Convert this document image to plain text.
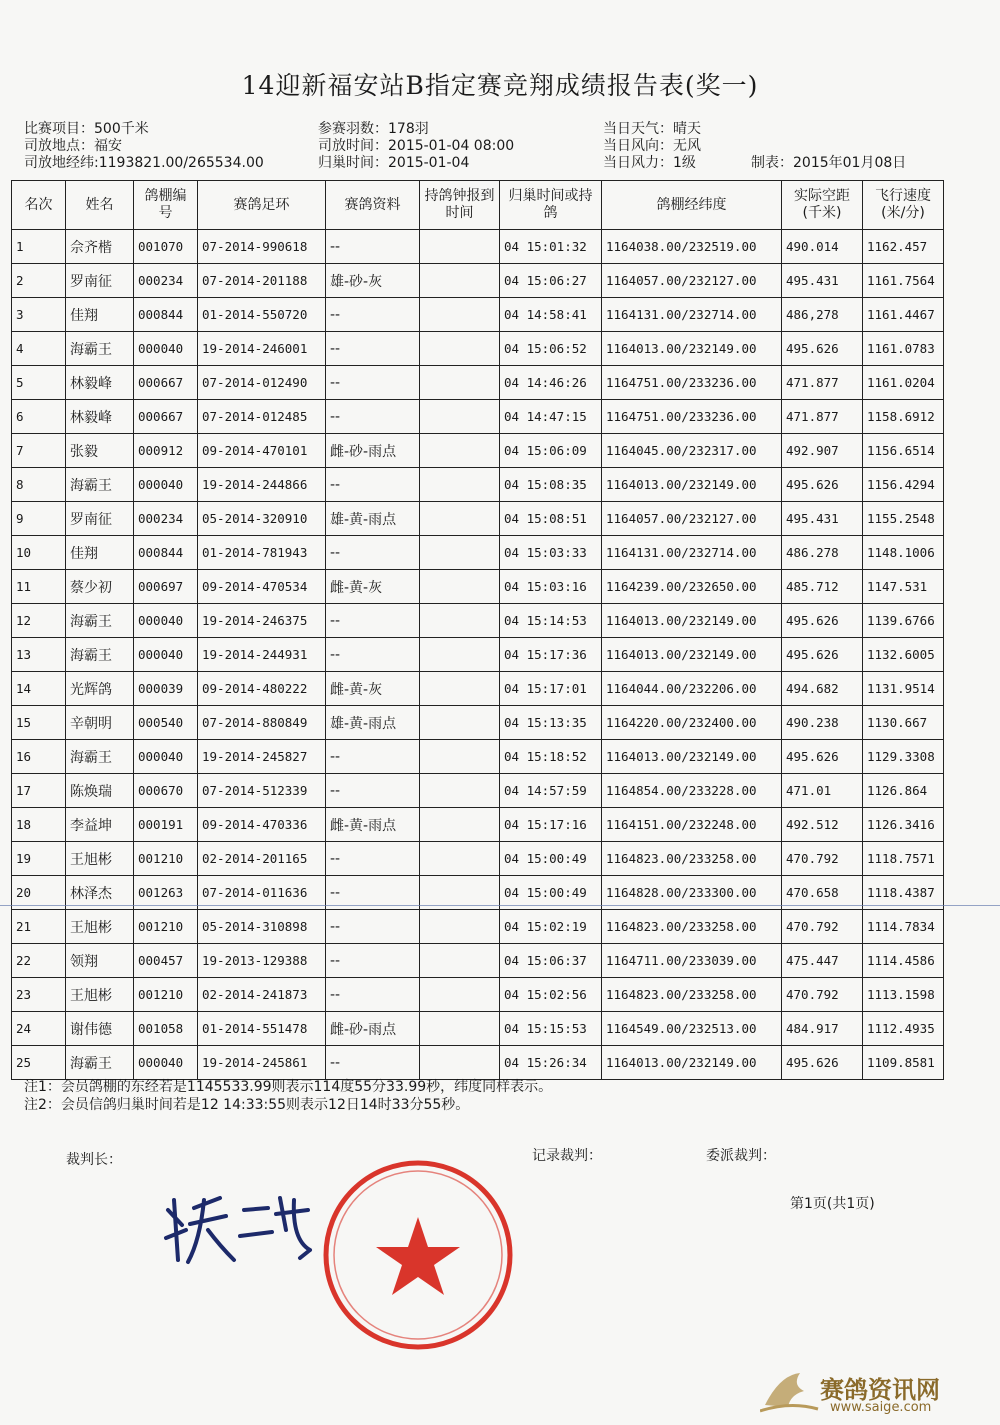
14迎新福安站B指定赛竞翔成绩报告表(奖一)
比赛项目：500千米
司放地点：福安
司放地经纬:1193821.00/265534.00
参赛羽数：178羽
司放时间：2015-01-04 08:00
归巢时间：2015-01-04
当日天气：晴天
当日风向：无风
当日风力：1级	制表：2015年01月08日
名次	姓名	鸽棚编号	赛鸽足环	赛鸽资料	持鸽钟报到时间	归巢时间或持鸽	鸽棚经纬度	实际空距(千米)	飞行速度(米/分)
1	佘齐楷	001070	07-2014-990618	--		04 15:01:32	1164038.00/232519.00	490.014	1162.457
2	罗南征	000234	07-2014-201188	雄-砂-灰		04 15:06:27	1164057.00/232127.00	495.431	1161.7564
3	佳翔	000844	01-2014-550720	--		04 14:58:41	1164131.00/232714.00	486,278	1161.4467
4	海霸王	000040	19-2014-246001	--		04 15:06:52	1164013.00/232149.00	495.626	1161.0783
5	林毅峰	000667	07-2014-012490	--		04 14:46:26	1164751.00/233236.00	471.877	1161.0204
6	林毅峰	000667	07-2014-012485	--		04 14:47:15	1164751.00/233236.00	471.877	1158.6912
7	张毅	000912	09-2014-470101	雌-砂-雨点		04 15:06:09	1164045.00/232317.00	492.907	1156.6514
8	海霸王	000040	19-2014-244866	--		04 15:08:35	1164013.00/232149.00	495.626	1156.4294
9	罗南征	000234	05-2014-320910	雄-黄-雨点		04 15:08:51	1164057.00/232127.00	495.431	1155.2548
10	佳翔	000844	01-2014-781943	--		04 15:03:33	1164131.00/232714.00	486.278	1148.1006
11	蔡少初	000697	09-2014-470534	雌-黄-灰		04 15:03:16	1164239.00/232650.00	485.712	1147.531
12	海霸王	000040	19-2014-246375	--		04 15:14:53	1164013.00/232149.00	495.626	1139.6766
13	海霸王	000040	19-2014-244931	--		04 15:17:36	1164013.00/232149.00	495.626	1132.6005
14	光辉鸽	000039	09-2014-480222	雌-黄-灰		04 15:17:01	1164044.00/232206.00	494.682	1131.9514
15	辛朝明	000540	07-2014-880849	雄-黄-雨点		04 15:13:35	1164220.00/232400.00	490.238	1130.667
16	海霸王	000040	19-2014-245827	--		04 15:18:52	1164013.00/232149.00	495.626	1129.3308
17	陈焕瑞	000670	07-2014-512339	--		04 14:57:59	1164854.00/233228.00	471.01	1126.864
18	李益坤	000191	09-2014-470336	雌-黄-雨点		04 15:17:16	1164151.00/232248.00	492.512	1126.3416
19	王旭彬	001210	02-2014-201165	--		04 15:00:49	1164823.00/233258.00	470.792	1118.7571
20	林泽杰	001263	07-2014-011636	--		04 15:00:49	1164828.00/233300.00	470.658	1118.4387
21	王旭彬	001210	05-2014-310898	--		04 15:02:19	1164823.00/233258.00	470.792	1114.7834
22	领翔	000457	19-2013-129388	--		04 15:06:37	1164711.00/233039.00	475.447	1114.4586
23	王旭彬	001210	02-2014-241873	--		04 15:02:56	1164823.00/233258.00	470.792	1113.1598
24	谢伟德	001058	01-2014-551478	雌-砂-雨点		04 15:15:53	1164549.00/232513.00	484.917	1112.4935
25	海霸王	000040	19-2014-245861	--		04 15:26:34	1164013.00/232149.00	495.626	1109.8581
注1：会员鸽棚的东经若是1145533.99则表示114度55分33.99秒，纬度同样表示。
注2：会员信鸽归巢时间若是12 14:33:55则表示12日14时33分55秒。
裁判长：	记录裁判：	委派裁判：
第1页(共1页)
赛鸽资讯网
www.saige.com
